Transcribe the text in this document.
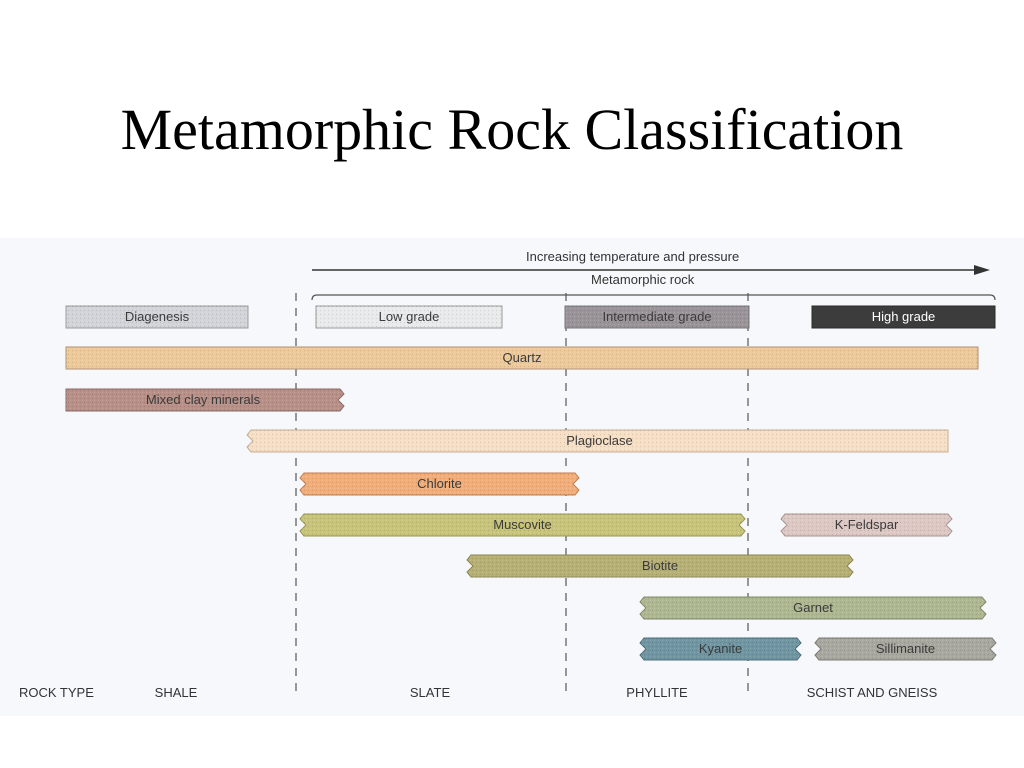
Metamorphic Rock Classification
Increasing temperature and pressure
Metamorphic rock
Diagenesis	Low grade	Intermediate grade	High grade
Quartz
Mixed clay minerals
Plagioclase
Chlorite
Muscovite	K-Feldspar
Biotite
Garnet
Kyanite	Sillimanite
ROCK TYPE	SHALE	SLATE	PHYLLITE	SCHIST AND GNEISS
